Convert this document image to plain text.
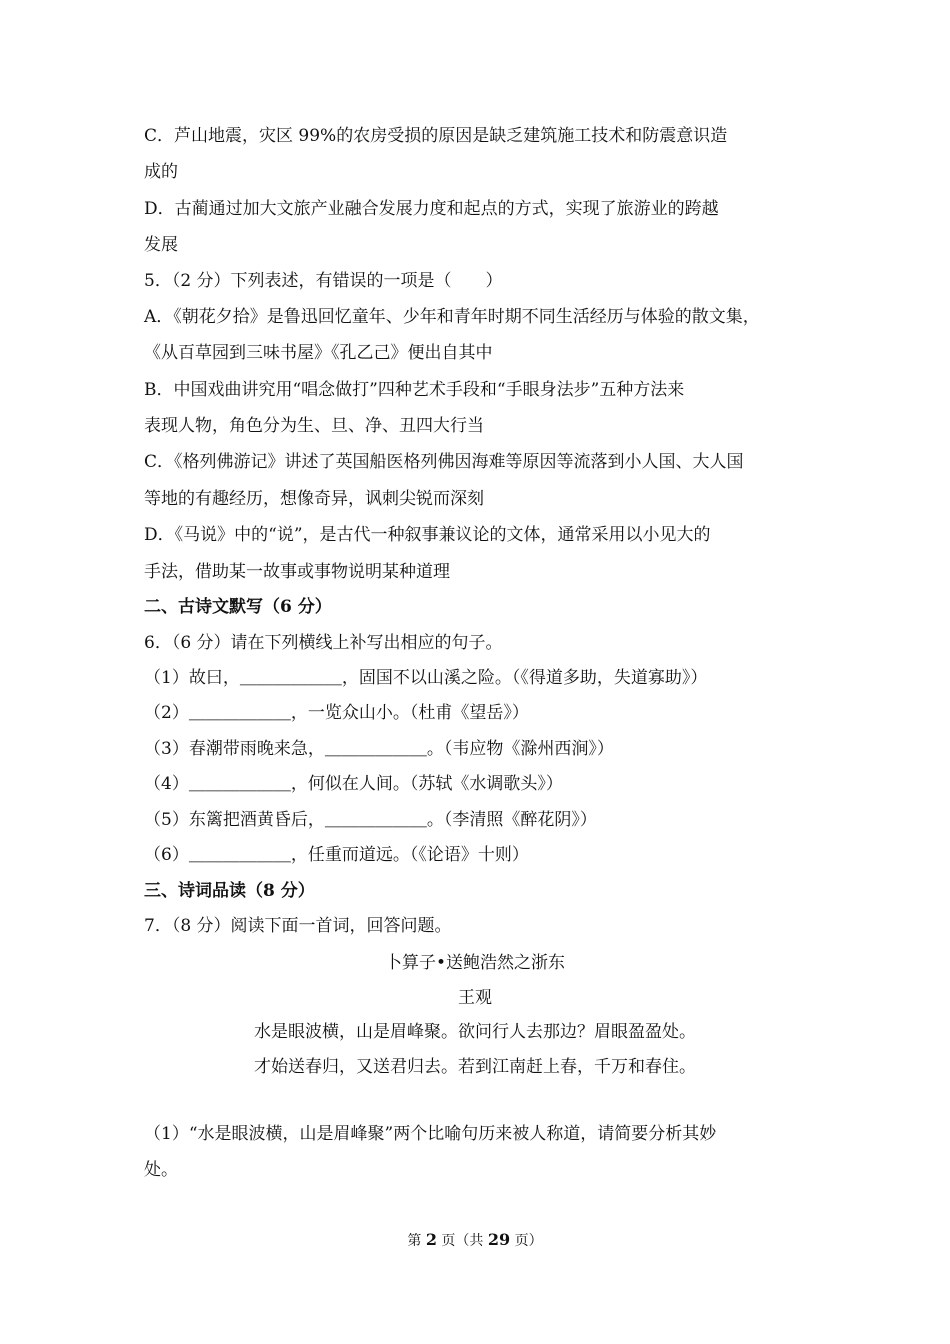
C．芦山地震，灾区 99%的农房受损的原因是缺乏建筑施工技术和防震意识造
成的
D．古蔺通过加大文旅产业融合发展力度和起点的方式，实现了旅游业的跨越
发展
5．（2 分）下列表述，有错误的一项是（　　）
A．《朝花夕拾》是鲁迅回忆童年、少年和青年时期不同生活经历与体验的散文集，
《从百草园到三味书屋》《孔乙己》便出自其中
B．中国戏曲讲究用“唱念做打”四种艺术手段和“手眼身法步”五种方法来
表现人物，角色分为生、旦、净、丑四大行当
C．《格列佛游记》讲述了英国船医格列佛因海难等原因等流落到小人国、大人国
等地的有趣经历，想像奇异，讽刺尖锐而深刻
D．《马说》中的“说”，是古代一种叙事兼议论的文体，通常采用以小见大的
手法，借助某一故事或事物说明某种道理
二、古诗文默写（6 分）
6．（6 分）请在下列横线上补写出相应的句子。
（1）故曰，＿＿＿＿＿＿，固国不以山溪之险。（《得道多助，失道寡助》）
（2）＿＿＿＿＿＿，一览众山小。（杜甫《望岳》）
（3）春潮带雨晚来急，＿＿＿＿＿＿。（韦应物《滁州西涧》）
（4）＿＿＿＿＿＿，何似在人间。（苏轼《水调歌头》）
（5）东篱把酒黄昏后，＿＿＿＿＿＿。（李清照《醉花阴》）
（6）＿＿＿＿＿＿，任重而道远。（《论语》十则）
三、诗词品读（8 分）
7．（8 分）阅读下面一首词，回答问题。
卜算子•送鲍浩然之浙东
王观
水是眼波横，山是眉峰聚。欲问行人去那边？眉眼盈盈处。
才始送春归，又送君归去。若到江南赶上春，千万和春住。
（1）“水是眼波横，山是眉峰聚”两个比喻句历来被人称道，请简要分析其妙
处。
第 2 页（共 29 页）
